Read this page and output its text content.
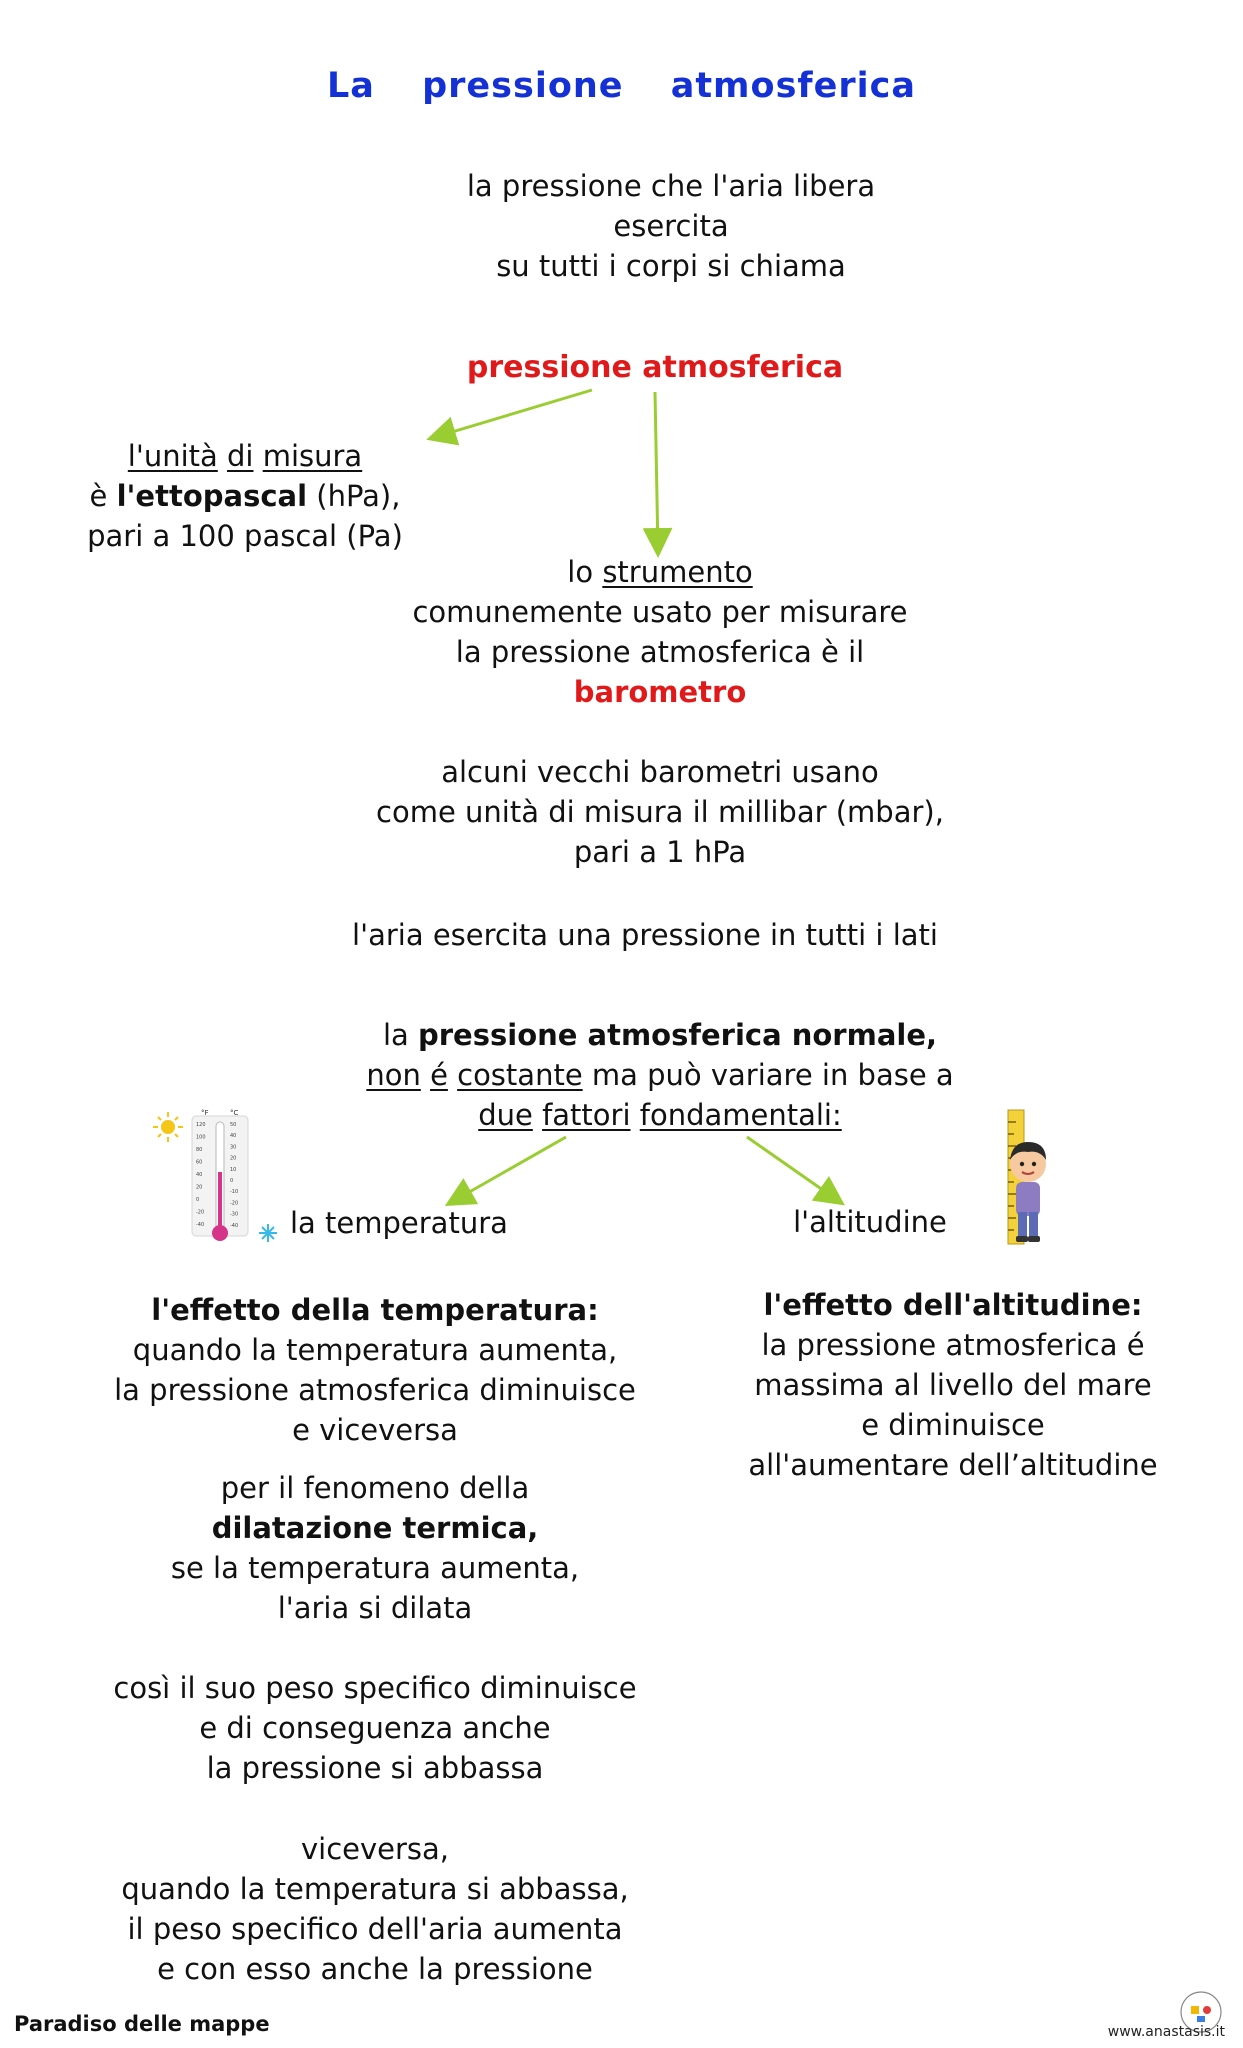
La pressione atmosferica
la pressione che l'aria libera
esercita
su tutti i corpi si chiama
pressione atmosferica
l'unità di misura
è l'ettopascal (hPa),
pari a 100 pascal (Pa)
lo strumento
comunemente usato per misurare
la pressione atmosferica è il
barometro
alcuni vecchi barometri usano
come unità di misura il millibar (mbar),
pari a 1 hPa
l'aria esercita una pressione in tutti i lati
la pressione atmosferica normale,
non é costante ma può variare in base a
due fattori fondamentali:
°F	°C
120
100
80
60
40
20
0
-20
-40
50
40
30
20
10
0
-10
-20
-30
-40 la temperatura	l'altitudine
l'effetto della temperatura:
quando la temperatura aumenta,
la pressione atmosferica diminuisce
e viceversa
per il fenomeno della
dilatazione termica,
se la temperatura aumenta,
l'aria si dilata
così il suo peso specifico diminuisce
e di conseguenza anche
la pressione si abbassa
viceversa,
quando la temperatura si abbassa,
il peso specifico dell'aria aumenta
e con esso anche la pressione
l'effetto dell'altitudine:
la pressione atmosferica é
massima al livello del mare
e diminuisce
all'aumentare dell’altitudine
Paradiso delle mappe	www.anastasis.it
